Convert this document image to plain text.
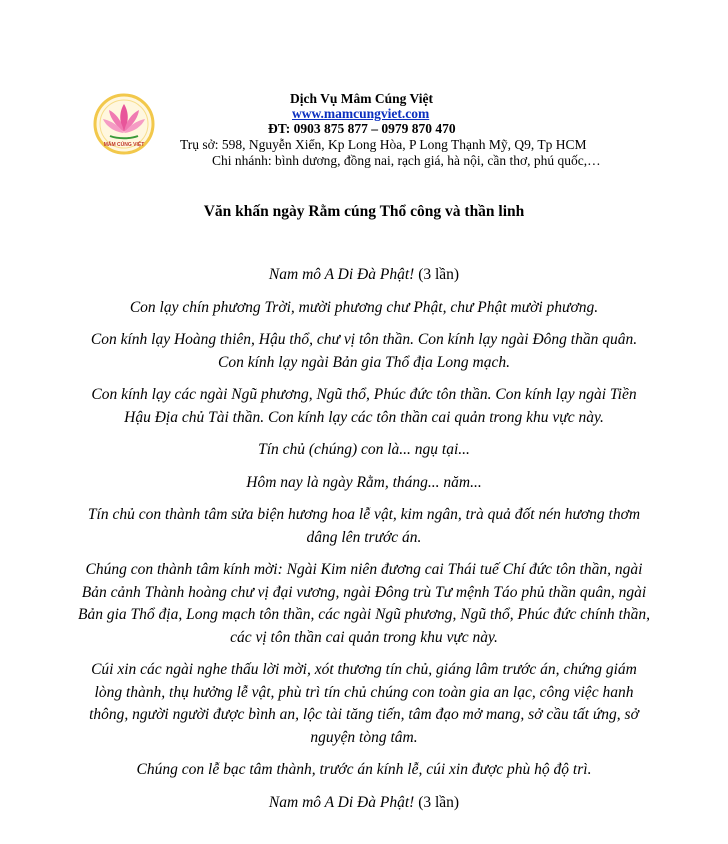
MÂM CÚNG VIỆT
Dịch Vụ Mâm Cúng Việt
www.mamcungviet.com
ĐT: 0903 875 877 – 0979 870 470
Trụ sở: 598, Nguyễn Xiển, Kp Long Hòa, P Long Thạnh Mỹ, Q9, Tp HCM
Chi nhánh: bình dương, đồng nai, rạch giá, hà nội, cần thơ, phú quốc,…
Văn khấn ngày Rằm cúng Thổ công và thần linh

Nam mô A Di Đà Phật! (3 lần)

Con lạy chín phương Trời, mười phương chư Phật, chư Phật mười phương.

Con kính lạy Hoàng thiên, Hậu thổ, chư vị tôn thần. Con kính lạy ngài Đông thần quân. Con kính lạy ngài Bản gia Thổ địa Long mạch.

Con kính lạy các ngài Ngũ phương, Ngũ thổ, Phúc đức tôn thần. Con kính lạy ngài Tiền Hậu Địa chủ Tài thần. Con kính lạy các tôn thần cai quản trong khu vực này.

Tín chủ (chúng) con là... ngụ tại...

Hôm nay là ngày Rằm, tháng... năm...

Tín chủ con thành tâm sửa biện hương hoa lễ vật, kim ngân, trà quả đốt nén hương thơm dâng lên trước án.

Chúng con thành tâm kính mời: Ngài Kim niên đương cai Thái tuế Chí đức tôn thần, ngài Bản cảnh Thành hoàng chư vị đại vương, ngài Đông trù Tư mệnh Táo phủ thần quân, ngài Bản gia Thổ địa, Long mạch tôn thần, các ngài Ngũ phương, Ngũ thổ, Phúc đức chính thần, các vị tôn thần cai quản trong khu vực này.

Cúi xin các ngài nghe thấu lời mời, xót thương tín chủ, giáng lâm trước án, chứng giám lòng thành, thụ hưởng lễ vật, phù trì tín chủ chúng con toàn gia an lạc, công việc hanh thông, người người được bình an, lộc tài tăng tiến, tâm đạo mở mang, sở cầu tất ứng, sở nguyện tòng tâm.

Chúng con lễ bạc tâm thành, trước án kính lễ, cúi xin được phù hộ độ trì.

Nam mô A Di Đà Phật! (3 lần)
